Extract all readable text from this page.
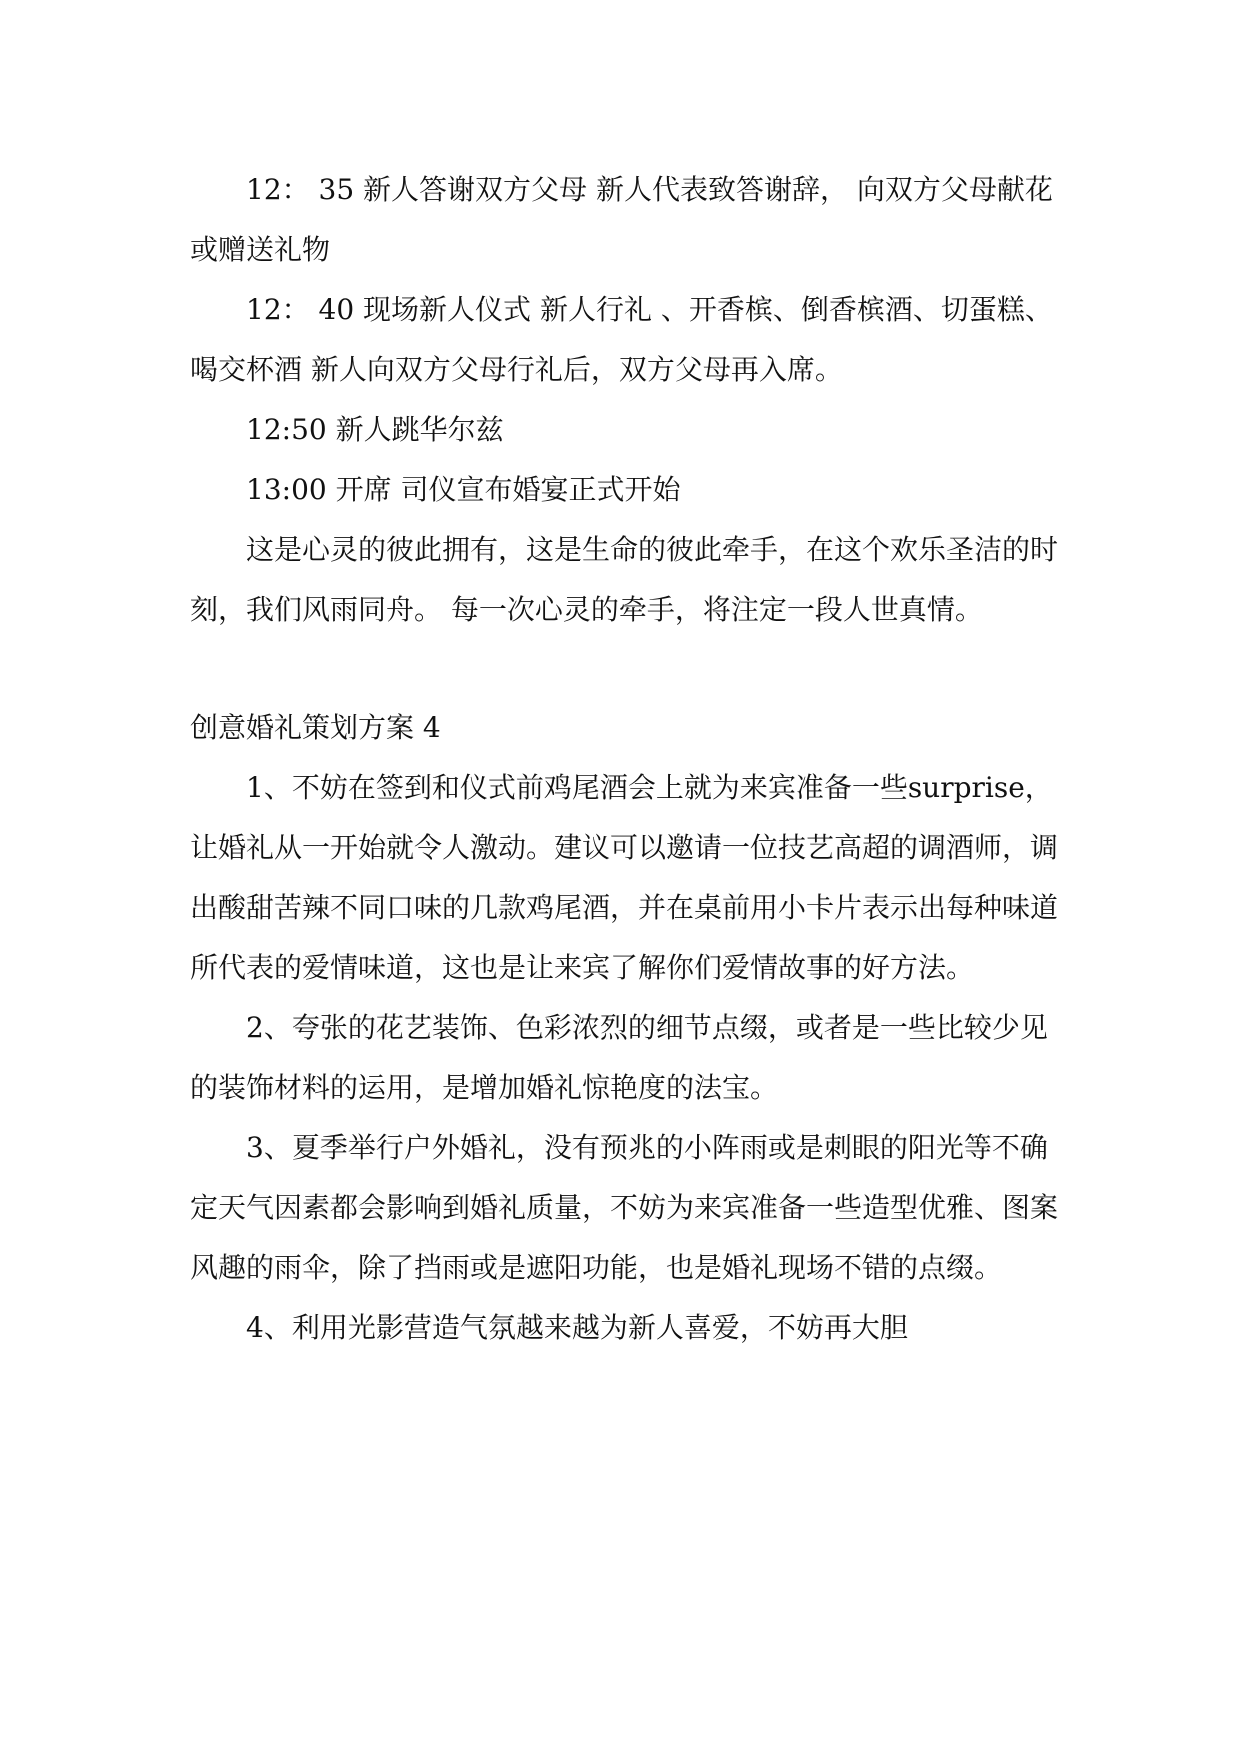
12： 35 新人答谢双方父母 新人代表致答谢辞， 向双方父母献花或赠送礼物

12： 40 现场新人仪式 新人行礼 、开香槟、倒香槟酒、切蛋糕、 喝交杯酒 新人向双方父母行礼后，双方父母再入席。

12:50 新人跳华尔兹

13:00 开席 司仪宣布婚宴正式开始

这是心灵的彼此拥有，这是生命的彼此牵手，在这个欢乐圣洁的时刻，我们风雨同舟。 每一次心灵的牵手，将注定一段人世真情。

创意婚礼策划方案 4

1、不妨在签到和仪式前鸡尾酒会上就为来宾准备一些surprise，让婚礼从一开始就令人激动。建议可以邀请一位技艺高超的调酒师，调出酸甜苦辣不同口味的几款鸡尾酒，并在桌前用小卡片表示出每种味道所代表的爱情味道，这也是让来宾了解你们爱情故事的好方法。

2、夸张的花艺装饰、色彩浓烈的细节点缀，或者是一些比较少见的装饰材料的运用，是增加婚礼惊艳度的法宝。

3、夏季举行户外婚礼，没有预兆的小阵雨或是刺眼的阳光等不确定天气因素都会影响到婚礼质量，不妨为来宾准备一些造型优雅、图案风趣的雨伞，除了挡雨或是遮阳功能，也是婚礼现场不错的点缀。

4、利用光影营造气氛越来越为新人喜爱，不妨再大胆
